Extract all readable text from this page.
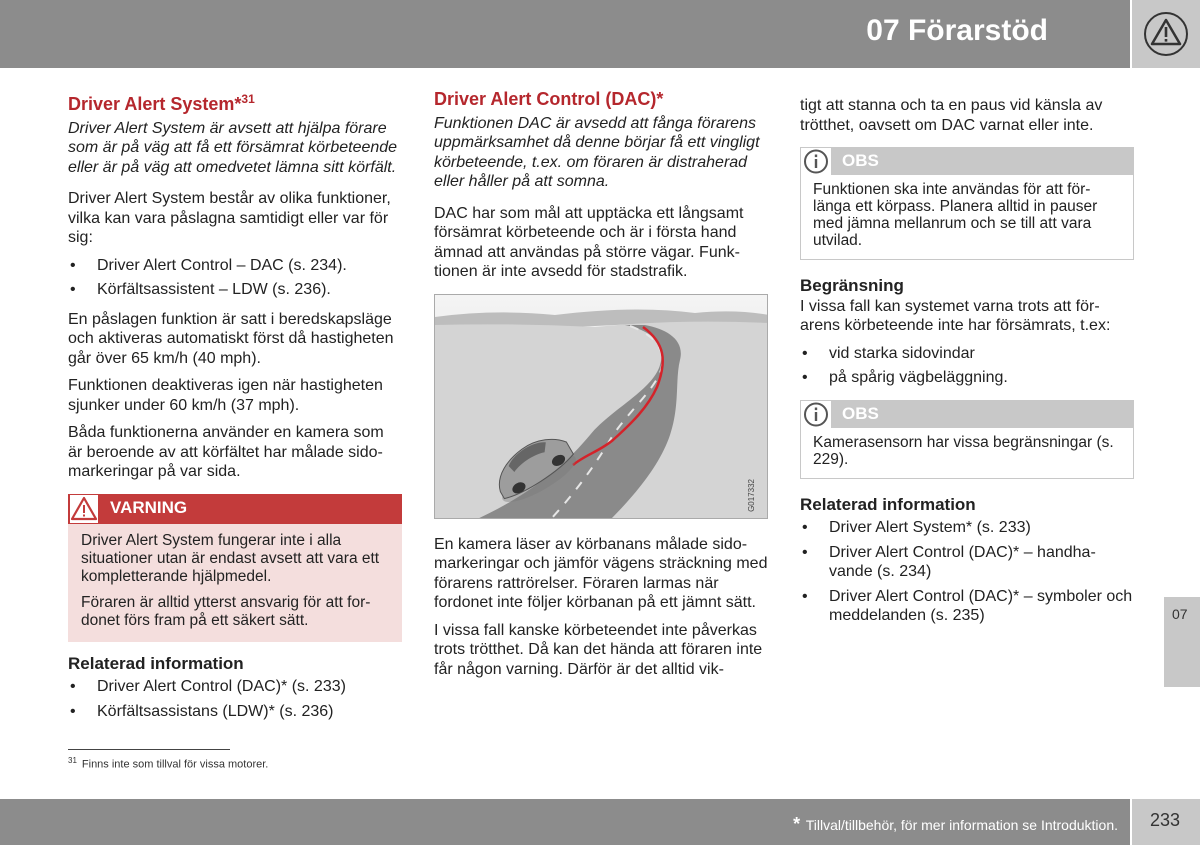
07 Förarstöd
Driver Alert System*$^{31}$

Driver Alert System är avsett att hjälpa förare som är på väg att få ett försämrat körbeteende eller är på väg att omedvetet lämna sitt körfält.

Driver Alert System består av olika funktioner, vilka kan vara påslagna samtidigt eller var för sig:

• Driver Alert Control – DAC (s. 234).
• Körfältsassistent – LDW (s. 236).

En påslagen funktion är satt i beredskapsläge och aktiveras automatiskt först då hastigheten går över 65 km/h (40 mph).

Funktionen deaktiveras igen när hastigheten sjunker under 60 km/h (37 mph).

Båda funktionerna använder en kamera som är beroende av att körfältet har målade sidomarkeringar på var sida.

VARNING

Driver Alert System fungerar inte i alla situationer utan är endast avsett att vara ett kompletterande hjälpmedel.

Föraren är alltid ytterst ansvarig för att fordonet förs fram på ett säkert sätt.

Relaterad information
• Driver Alert Control (DAC)* (s. 233)
• Körfältsassistans (LDW)* (s. 236)
Driver Alert Control (DAC)*

Funktionen DAC är avsedd att fånga förarens uppmärksamhet då denne börjar få ett vingligt körbeteende, t.ex. om föraren är distraherad eller håller på att somna.

DAC har som mål att upptäcka ett långsamt försämrat körbeteende och är i första hand ämnad att användas på större vägar. Funktionen är inte avsedd för stadstrafik.

G017332

En kamera läser av körbanans målade sidomarkeringar och jämför vägens sträckning med förarens rattrörelser. Föraren larmas när fordonet inte följer körbanan på ett jämnt sätt.

I vissa fall kanske körbeteendet inte påverkas trots trötthet. Då kan det hända att föraren inte får någon varning. Därför är det alltid vik-

tigt att stanna och ta en paus vid känsla av trötthet, oavsett om DAC varnat eller inte.

OBS
Funktionen ska inte användas för att förlänga ett körpass. Planera alltid in pauser med jämna mellanrum och se till att vara utvilad.
Begränsning

I vissa fall kan systemet varna trots att förarens körbeteende inte har försämrats, t.ex:

• vid starka sidovindar
• på spårig vägbeläggning.
OBS
Kamerasensorn har vissa begränsningar (s. 229).
Relaterad information
• Driver Alert System* (s. 233)
• Driver Alert Control (DAC)* – handhavande (s. 234)
• Driver Alert Control (DAC)* – symboler och meddelanden (s. 235)
$^{31}$ Finns inte som tillval för vissa motorer.
07
* Tillval/tillbehör, för mer information se Introduktion. 233
